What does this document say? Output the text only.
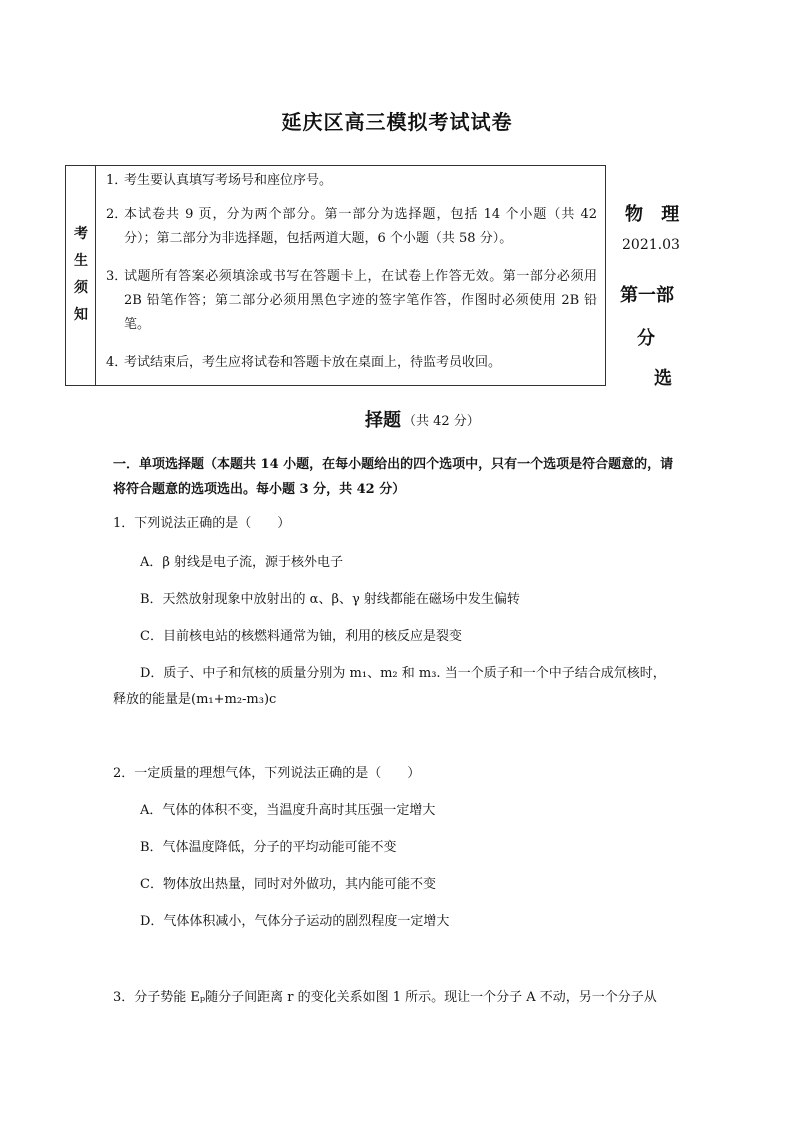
延庆区高三模拟考试试卷
考
生
须
知
1．
考生要认真填写考场号和座位序号。
2．
本试卷共 9 页，分为两个部分。第一部分为选择题，包括 14 个小题（共 42 分）；第二部分为非选择题，包括两道大题，6 个小题（共 58 分）。
3．
试题所有答案必须填涂或书写在答题卡上，在试卷上作答无效。第一部分必须用 2B 铅笔作答；第二部分必须用黑色字迹的签字笔作答，作图时必须使用 2B 铅笔。
4．
考试结束后，考生应将试卷和答题卡放在桌面上，待监考员收回。
物 理
2021.03
第一部
分
选
择题 （共 42 分）
一．单项选择题（本题共 14 小题，在每小题给出的四个选项中，只有一个选项是符合题意的，请将符合题意的选项选出。每小题 3 分，共 42 分）
1．下列说法正确的是（　　）
A．β 射线是电子流，源于核外电子
B．天然放射现象中放射出的 α、β、γ 射线都能在磁场中发生偏转
C．目前核电站的核燃料通常为铀，利用的核反应是裂变
D．质子、中子和氘核的质量分别为 m₁、m₂ 和 m₃. 当一个质子和一个中子结合成氘核时，
释放的能量是(m₁+m₂-m₃)c
2．一定质量的理想气体，下列说法正确的是（　　）
A．气体的体积不变，当温度升高时其压强一定增大
B．气体温度降低，分子的平均动能可能不变
C．物体放出热量，同时对外做功，其内能可能不变
D．气体体积减小，气体分子运动的剧烈程度一定增大
3．分子势能 Eₚ随分子间距离 r 的变化关系如图 1 所示。现让一个分子 A 不动，另一个分子从
